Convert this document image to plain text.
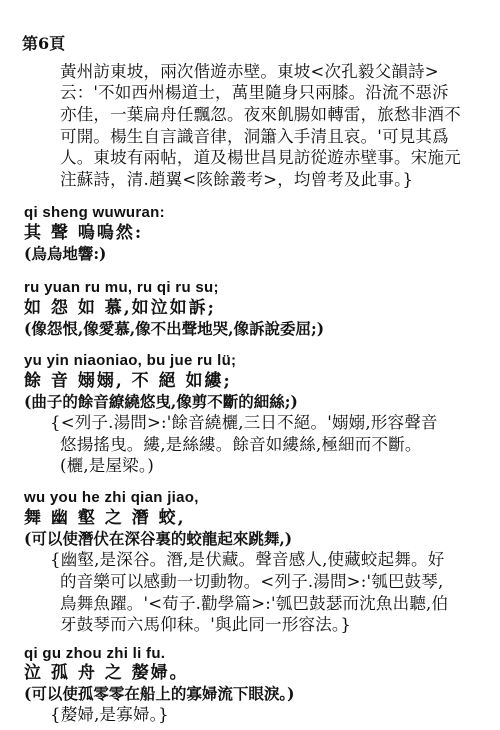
第6頁
黃州訪東坡，兩次偕遊赤壁。東坡<次孔毅父韻詩>
云：'不如西州楊道士，萬里隨身只兩膝。沿流不惡泝
亦佳，一葉扁舟任飄忽。夜來飢腸如轉雷，旅愁非酒不
可開。楊生自言識音律，洞簫入手清且哀。'可見其爲
人。東坡有兩帖，道及楊世昌見訪從遊赤壁事。宋施元
注蘇詩，清.趙翼<陔餘叢考>，均曾考及此事。}
qi sheng wuwuran:
其 聲 嗚嗚然:
(烏烏地響:)
ru yuan ru mu, ru qi ru su;
如 怨 如 慕,如泣如訴;
(像怨恨,像愛慕,像不出聲地哭,像訴說委屈;)
yu yin niaoniao, bu jue ru lü;
餘 音 嫋嫋, 不 絕 如縷;
(曲子的餘音繚繞悠曳,像剪不斷的細絲;)
{<列子.湯問>:'餘音繞欐,三日不絕。'嫋嫋,形容聲音
悠揚搖曳。縷,是絲縷。餘音如縷絲,極細而不斷。
(欐,是屋梁。)
wu you he zhi qian jiao,
舞 幽 壑 之 潛 蛟,
(可以使潛伏在深谷裏的蛟龍起來跳舞,)
{幽壑,是深谷。潛,是伏藏。聲音感人,使藏蛟起舞。好
的音樂可以感動一切動物。<列子.湯問>:'瓠巴鼓琴,
鳥舞魚躍。'<荀子.勸學篇>:'瓠巴鼓瑟而沈魚出聽,伯
牙鼓琴而六馬仰秣。'與此同一形容法。}
qi gu zhou zhi li fu.
泣 孤 舟 之 嫠婦。
(可以使孤零零在船上的寡婦流下眼淚。)
{嫠婦,是寡婦。}
